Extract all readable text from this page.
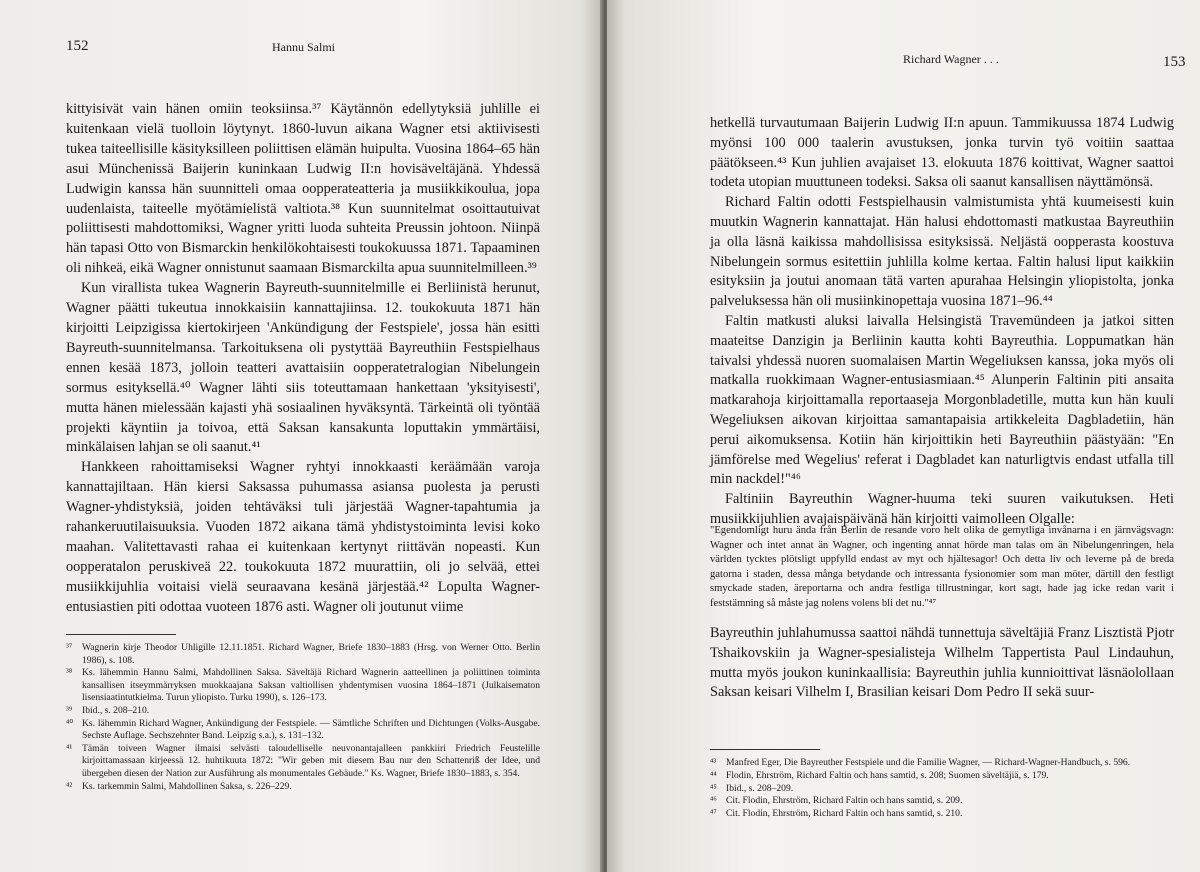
152	Hannu Salmi

kittyisivät vain hänen omiin teoksiinsa.³⁷ Käytännön edellytyksiä juhlille ei kuitenkaan vielä tuolloin löytynyt. 1860-luvun aikana Wagner etsi aktiivisesti tukea taiteellisille käsityksilleen poliittisen elämän huipulta. Vuosina 1864–65 hän asui Münchenissä Baijerin kuninkaan Ludwig II:n hovisäveltäjänä. Yhdessä Ludwigin kanssa hän suunnitteli omaa oopperateatteria ja musiikkikoulua, jopa uudenlaista, taiteelle myötämielistä valtiota.³⁸ Kun suunnitelmat osoittautuivat poliittisesti mahdottomiksi, Wagner yritti luoda suhteita Preussin johtoon. Niinpä hän tapasi Otto von Bismarckin henkilökohtaisesti toukokuussa 1871. Tapaaminen oli nihkeä, eikä Wagner onnistunut saamaan Bismarckilta apua suunnitelmilleen.³⁹

Kun virallista tukea Wagnerin Bayreuth-suunnitelmille ei Berliinistä herunut, Wagner päätti tukeutua innokkaisiin kannattajiinsa. 12. toukokuuta 1871 hän kirjoitti Leipzigissa kiertokirjeen 'Ankündigung der Festspiele', jossa hän esitti Bayreuth-suunnitelmansa. Tarkoituksena oli pystyttää Bayreuthiin Festspielhaus ennen kesää 1873, jolloin teatteri avattaisiin oopperatetralogian Nibelungein sormus esityksellä.⁴⁰ Wagner lähti siis toteuttamaan hankettaan 'yksityisesti', mutta hänen mielessään kajasti yhä sosiaalinen hyväksyntä. Tärkeintä oli työntää projekti käyntiin ja toivoa, että Saksan kansakunta loputtakin ymmärtäisi, minkälaisen lahjan se oli saanut.⁴¹

Hankkeen rahoittamiseksi Wagner ryhtyi innokkaasti keräämään varoja kannattajiltaan. Hän kiersi Saksassa puhumassa asiansa puolesta ja perusti Wagner-yhdistyksiä, joiden tehtäväksi tuli järjestää Wagner-tapahtumia ja rahankeruutilaisuuksia. Vuoden 1872 aikana tämä yhdistystoiminta levisi koko maahan. Valitettavasti rahaa ei kuitenkaan kertynyt riittävän nopeasti. Kun oopperatalon peruskiveä 22. toukokuuta 1872 muurattiin, oli jo selvää, ettei musiikkijuhlia voitaisi vielä seuraavana kesänä järjestää.⁴² Lopulta Wagner-entusiastien piti odottaa vuoteen 1876 asti. Wagner oli joutunut viime

³⁷ Wagnerin kirje Theodor Uhligille 12.11.1851. Richard Wagner, Briefe 1830–1883 (Hrsg. von Werner Otto. Berlin 1986), s. 108.

³⁸ Ks. lähemmin Hannu Salmi, Mahdollinen Saksa. Säveltäjä Richard Wagnerin aatteellinen ja poliittinen toiminta kansallisen itseymmärryksen muokkaajana Saksan valtiollisen yhdentymisen vuosina 1864–1871 (Julkaisematon lisensiaatintutkielma. Turun yliopisto. Turku 1990), s. 126–173.

³⁹ Ibid., s. 208–210.

⁴⁰ Ks. lähemmin Richard Wagner, Ankündigung der Festspiele. — Sämtliche Schriften und Dichtungen (Volks-Ausgabe. Sechste Auflage. Sechszehnter Band. Leipzig s.a.), s. 131–132.

⁴¹ Tämän toiveen Wagner ilmaisi selvästi taloudelliselle neuvonantajalleen pankkiiri Friedrich Feustelille kirjoittamassaan kirjeessä 12. huhtikuuta 1872: "Wir geben mit diesem Bau nur den Schattenriß der Idee, und übergeben diesen der Nation zur Ausführung als monumentales Gebäude." Ks. Wagner, Briefe 1830–1883, s. 354.

⁴² Ks. tarkemmin Salmi, Mahdollinen Saksa, s. 226–229.

Richard Wagner . . .	153

hetkellä turvautumaan Baijerin Ludwig II:n apuun. Tammikuussa 1874 Ludwig myönsi 100 000 taalerin avustuksen, jonka turvin työ voitiin saattaa päätökseen.⁴³ Kun juhlien avajaiset 13. elokuuta 1876 koittivat, Wagner saattoi todeta utopian muuttuneen todeksi. Saksa oli saanut kansallisen näyttämönsä.

Richard Faltin odotti Festspielhausin valmistumista yhtä kuumeisesti kuin muutkin Wagnerin kannattajat. Hän halusi ehdottomasti matkustaa Bayreuthiin ja olla läsnä kaikissa mahdollisissa esityksissä. Neljästä oopperasta koostuva Nibelungein sormus esitettiin juhlilla kolme kertaa. Faltin halusi liput kaikkiin esityksiin ja joutui anomaan tätä varten apurahaa Helsingin yliopistolta, jonka palveluksessa hän oli musiinkinopettaja vuosina 1871–96.⁴⁴

Faltin matkusti aluksi laivalla Helsingistä Travemündeen ja jatkoi sitten maateitse Danzigin ja Berliinin kautta kohti Bayreuthia. Loppumatkan hän taivalsi yhdessä nuoren suomalaisen Martin Wegeliuksen kanssa, joka myös oli matkalla ruokkimaan Wagner-entusiasmiaan.⁴⁵ Alunperin Faltinin piti ansaita matkarahoja kirjoittamalla reportaaseja Morgonbladetille, mutta kun hän kuuli Wegeliuksen aikovan kirjoittaa samantapaisia artikkeleita Dagbladetiin, hän perui aikomuksensa. Kotiin hän kirjoittikin heti Bayreuthiin päästyään: "En jämförelse med Wegelius' referat i Dagbladet kan naturligtvis endast utfalla till min nackdel!"⁴⁶

Faltiniin Bayreuthin Wagner-huuma teki suuren vaikutuksen. Heti musiikkijuhlien avajaispäivänä hän kirjoitti vaimolleen Olgalle:

"Egendomligt huru ända från Berlin de resande voro helt olika de gemytliga invånarna i en järnvägsvagn: Wagner och intet annat än Wagner, och ingenting annat hörde man talas om än Nibelungenringen, hela världen tycktes plötsligt uppfylld endast av myt och hjältesagor! Och detta liv och leverne på de breda gatorna i staden, dessa många betydande och intressanta fysionomier som man möter, därtill den festligt smyckade staden, äreportarna och andra festliga tillrustningar, kort sagt, hade jag icke redan varit i feststämning så måste jag nolens volens bli det nu."⁴⁷
Bayreuthin juhlahumussa saattoi nähdä tunnettuja säveltäjiä Franz Lisztistä Pjotr Tshaikovskiin ja Wagner-spesialisteja Wilhelm Tappertista Paul Lindauhun, mutta myös joukon kuninkaallisia: Bayreuthin juhlia kunnioittivat läsnäolollaan Saksan keisari Vilhelm I, Brasilian keisari Dom Pedro II sekä suur-

⁴³ Manfred Eger, Die Bayreuther Festspiele und die Familie Wagner, — Richard-Wagner-Handbuch, s. 596.

⁴⁴ Flodin, Ehrström, Richard Faltin och hans samtid, s. 208; Suomen säveltäjiä, s. 179.

⁴⁵ Ibid., s. 208–209.

⁴⁶ Cit. Flodin, Ehrström, Richard Faltin och hans samtid, s. 209.

⁴⁷ Cit. Flodin, Ehrström, Richard Faltin och hans samtid, s. 210.
